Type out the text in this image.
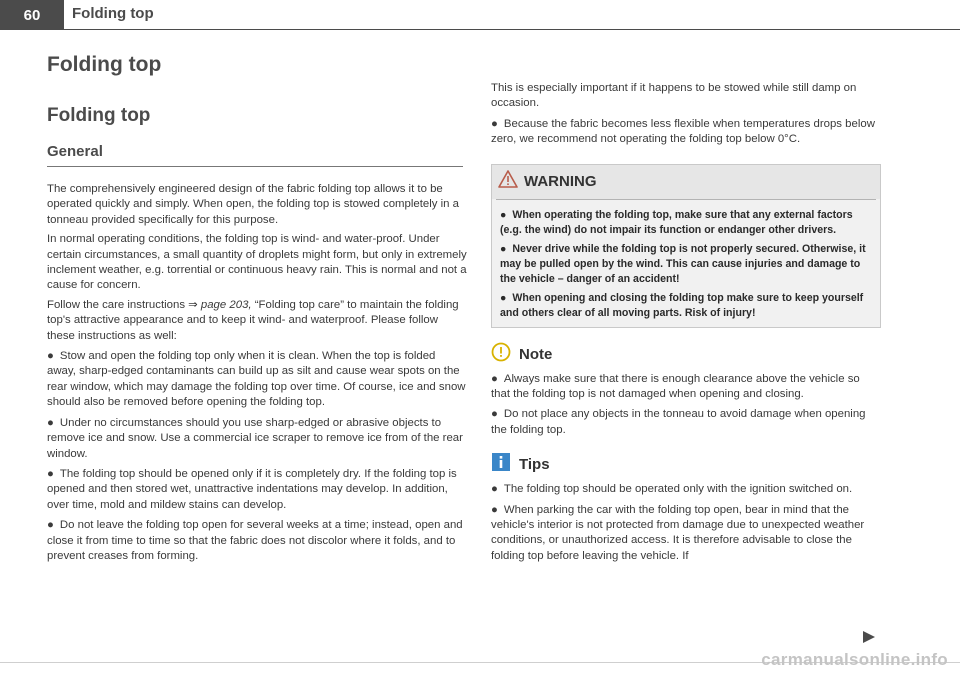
60	Folding top
Folding top
Folding top
General

The comprehensively engineered design of the fabric folding top allows it to be operated quickly and simply. When open, the folding top is stowed completely in a tonneau provided specifically for this purpose.

In normal operating conditions, the folding top is wind- and water-proof. Under certain circumstances, a small quantity of droplets might form, but only in extremely inclement weather, e.g. torrential or continuous heavy rain. This is normal and not a cause for concern.

Follow the care instructions ⇒ page 203, “Folding top care” to maintain the folding top's attractive appearance and to keep it wind- and waterproof. Please follow these instructions as well:

● Stow and open the folding top only when it is clean. When the top is folded away, sharp-edged contaminants can build up as silt and cause wear spots on the rear window, which may damage the folding top over time. Of course, ice and snow should also be removed before opening the folding top.

● Under no circumstances should you use sharp-edged or abrasive objects to remove ice and snow. Use a commercial ice scraper to remove ice from of the rear window.

● The folding top should be opened only if it is completely dry. If the folding top is opened and then stored wet, unattractive indentations may develop. In addition, over time, mold and mildew stains can develop.

● Do not leave the folding top open for several weeks at a time; instead, open and close it from time to time so that the fabric does not discolor where it folds, and to prevent creases from forming.

This is especially important if it happens to be stowed while still damp on occasion.

● Because the fabric becomes less flexible when temperatures drops below zero, we recommend not operating the folding top below 0°C.

WARNING

● When operating the folding top, make sure that any external factors (e.g. the wind) do not impair its function or endanger other drivers.

● Never drive while the folding top is not properly secured. Otherwise, it may be pulled open by the wind. This can cause injuries and damage to the vehicle – danger of an accident!

● When opening and closing the folding top make sure to keep yourself and others clear of all moving parts. Risk of injury!

Note

● Always make sure that there is enough clearance above the vehicle so that the folding top is not damaged when opening and closing.

● Do not place any objects in the tonneau to avoid damage when opening the folding top.

Tips

● The folding top should be operated only with the ignition switched on.

● When parking the car with the folding top open, bear in mind that the vehicle's interior is not protected from damage due to unexpected weather conditions, or unauthorized access. It is therefore advisable to close the folding top before leaving the vehicle. If

carmanualsonline.info
